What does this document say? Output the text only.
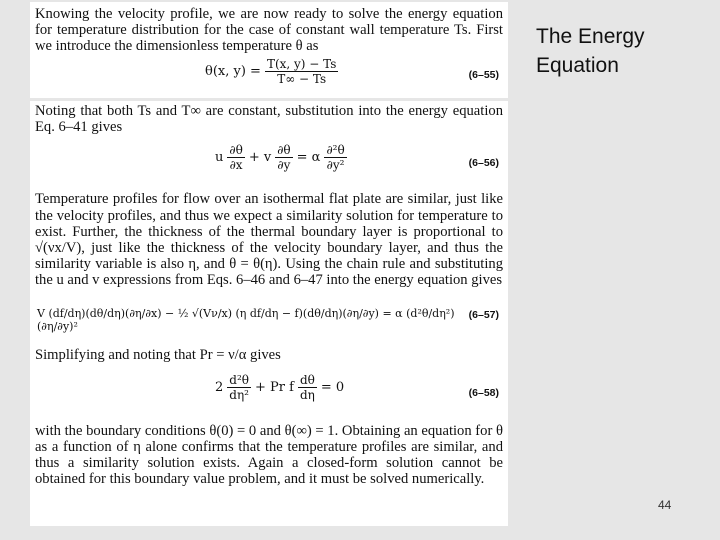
Knowing the velocity profile, we are now ready to solve the energy equation for temperature distribution for the case of constant wall temperature Ts. First we introduce the dimensionless temperature θ as

θ(x, $y) = \frac{T(x, y) - Ts}{T\infty - Ts}$	(6–55)

Noting that both Ts and T∞ are constant, substitution into the energy equation Eq. 6–41 gives

u $\frac{\partial\theta}{\partial x} + v \frac{\partial\theta}{\partial y} = \alpha \frac{\text{∂²θ}}{\text{∂y²}}$	(6–56)

Temperature profiles for flow over an isothermal flat plate are similar, just like the velocity profiles, and thus we expect a similarity solution for temperature to exist. Further, the thickness of the thermal boundary layer is proportional to √(νx/V), just like the thickness of the velocity boundary layer, and thus the similarity variable is also η, and θ = θ(η). Using the chain rule and substituting the u and v expressions from Eqs. 6–46 and 6–47 into the energy equation gives

V (df/dη)(dθ/dη)(∂η/∂x) − ½ √(Vν/x) (η df/dη − f)(dθ/dη)(∂η/∂y) = α (d²θ/dη²)(∂η/∂y)²
(6–57)

Simplifying and noting that Pr = ν/α gives

$2 \frac{\text{d²θ}}{\text{dη²}} + Pr$ f $\frac{d\theta}{d\eta} = 0$	(6–58)

with the boundary conditions θ(0) = 0 and θ(∞) = 1. Obtaining an equation for θ as a function of η alone confirms that the temperature profiles are similar, and thus a similarity solution exists. Again a closed-form solution cannot be obtained for this boundary value problem, and it must be solved numerically.

The Energy Equation
44
